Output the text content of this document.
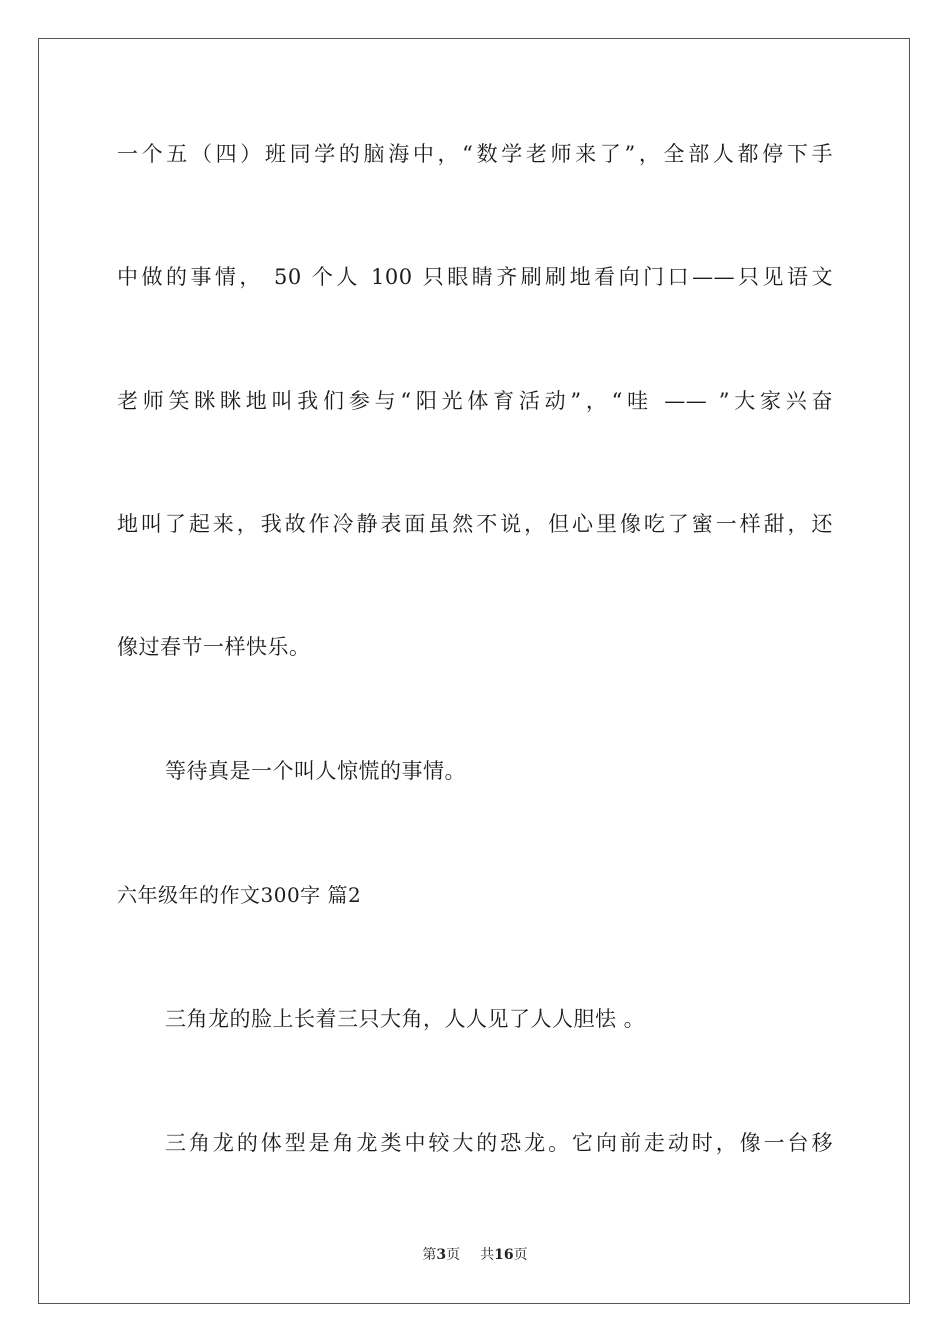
一个五（四）班同学的脑海中，“数学老师来了”，全部人都停下手
中做的事情， 50 个人 100 只眼睛齐刷刷地看向门口——只见语文
老师笑眯眯地叫我们参与“阳光体育活动”，“哇 —— ”大家兴奋
地叫了起来，我故作冷静表面虽然不说，但心里像吃了蜜一样甜，还
像过春节一样快乐。
等待真是一个叫人惊慌的事情。
六年级年的作文300字 篇2
三角龙的脸上长着三只大角，人人见了人人胆怯 。
三角龙的体型是角龙类中较大的恐龙。它向前走动时，像一台移
第3页 共16页
